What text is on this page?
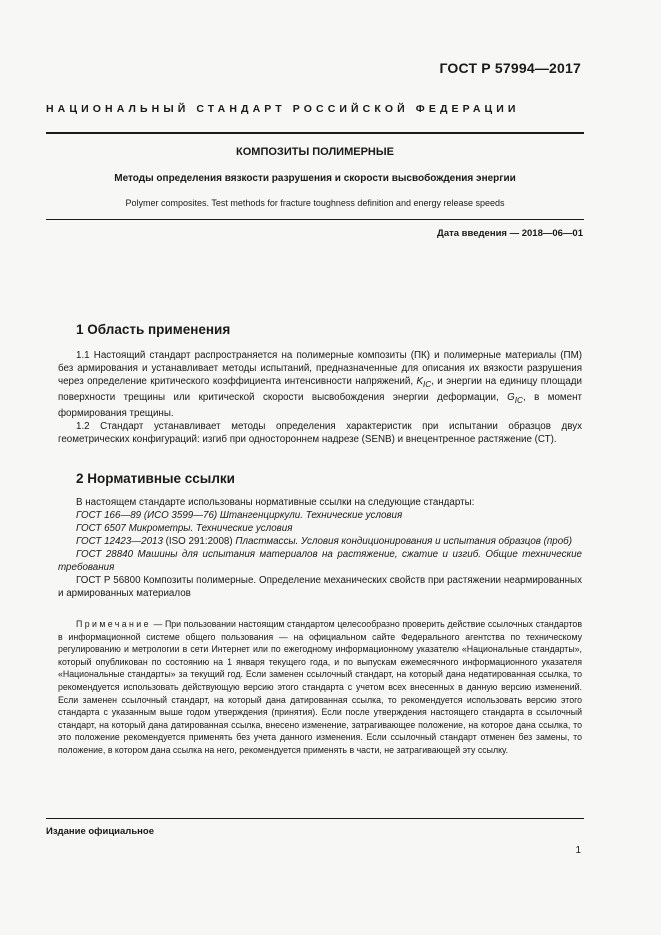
ГОСТ Р 57994—2017
НАЦИОНАЛЬНЫЙ СТАНДАРТ РОССИЙСКОЙ ФЕДЕРАЦИИ
КОМПОЗИТЫ ПОЛИМЕРНЫЕ
Методы определения вязкости разрушения и скорости высвобождения энергии
Polymer composites. Test methods for fracture toughness definition and energy release speeds
Дата введения — 2018—06—01
1 Область применения

1.1 Настоящий стандарт распространяется на полимерные композиты (ПК) и полимерные материалы (ПМ) без армирования и устанавливает методы испытаний, предназначенные для описания их вязкости разрушения через определение критического коэффициента интенсивности напряжений, $K_{IC}$, и энергии на единицу площади поверхности трещины или критической скорости высвобождения энергии деформации, $G_{IC}$, в момент формирования трещины.

1.2 Стандарт устанавливает методы определения характеристик при испытании образцов двух геометрических конфигураций: изгиб при одностороннем надрезе (SENB) и внецентренное растяжение (СТ).

2 Нормативные ссылки

В настоящем стандарте использованы нормативные ссылки на следующие стандарты:

ГОСТ 166—89 (ИСО 3599—76) Штангенциркули. Технические условия

ГОСТ 6507 Микрометры. Технические условия

ГОСТ 12423—2013 (ISO 291:2008) Пластмассы. Условия кондиционирования и испытания образцов (проб)

ГОСТ 28840 Машины для испытания материалов на растяжение, сжатие и изгиб. Общие технические требования

ГОСТ Р 56800 Композиты полимерные. Определение механических свойств при растяжении неармированных и армированных материалов

Примечание — При пользовании настоящим стандартом целесообразно проверить действие ссылочных стандартов в информационной системе общего пользования — на официальном сайте Федерального агентства по техническому регулированию и метрологии в сети Интернет или по ежегодному информационному указателю «Национальные стандарты», который опубликован по состоянию на 1 января текущего года, и по выпускам ежемесячного информационного указателя «Национальные стандарты» за текущий год. Если заменен ссылочный стандарт, на который дана недатированная ссылка, то рекомендуется использовать действующую версию этого стандарта с учетом всех внесенных в данную версию изменений. Если заменен ссылочный стандарт, на который дана датированная ссылка, то рекомендуется использовать версию этого стандарта с указанным выше годом утверждения (принятия). Если после утверждения настоящего стандарта в ссылочный стандарт, на который дана датированная ссылка, внесено изменение, затрагивающее положение, на которое дана ссылка, то это положение рекомендуется применять без учета данного изменения. Если ссылочный стандарт отменен без замены, то положение, в котором дана ссылка на него, рекомендуется применять в части, не затрагивающей эту ссылку.

Издание официальное
1
